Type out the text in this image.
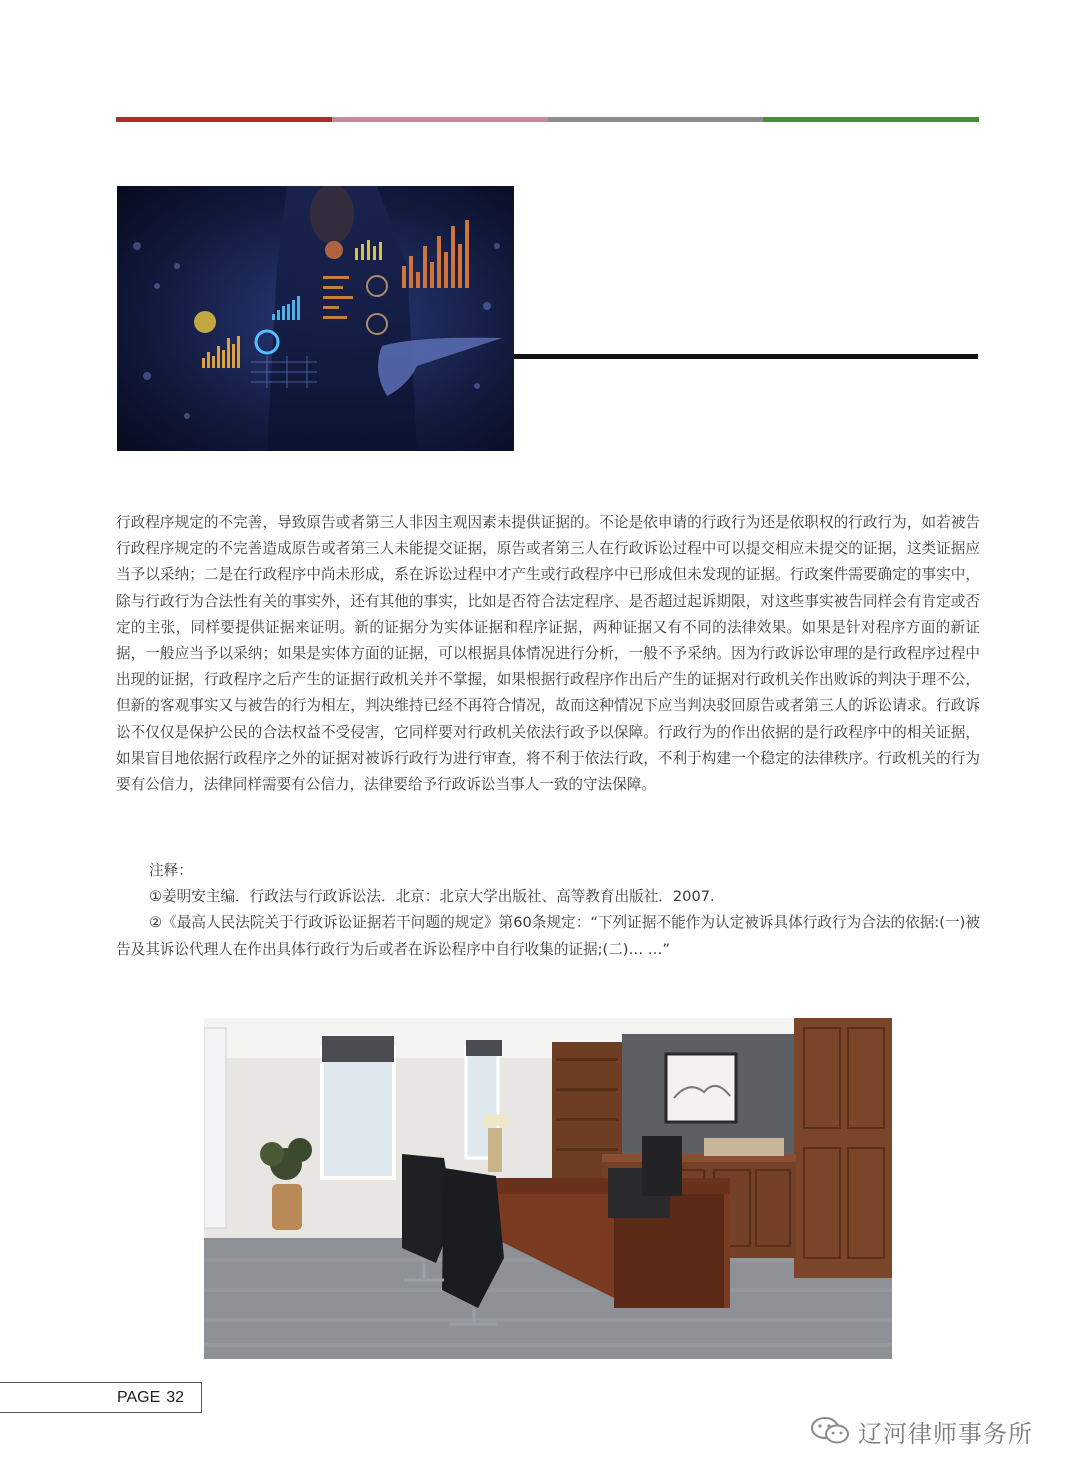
行政程序规定的不完善，导致原告或者第三人非因主观因素未提供证据的。不论是依申请的行政行为还是依职权的行政行为，如若被告行政程序规定的不完善造成原告或者第三人未能提交证据，原告或者第三人在行政诉讼过程中可以提交相应未提交的证据，这类证据应当予以采纳；二是在行政程序中尚未形成，系在诉讼过程中才产生或行政程序中已形成但未发现的证据。行政案件需要确定的事实中，除与行政行为合法性有关的事实外，还有其他的事实，比如是否符合法定程序、是否超过起诉期限，对这些事实被告同样会有肯定或否定的主张，同样要提供证据来证明。新的证据分为实体证据和程序证据，两种证据又有不同的法律效果。如果是针对程序方面的新证据，一般应当予以采纳；如果是实体方面的证据，可以根据具体情况进行分析，一般不予采纳。因为行政诉讼审理的是行政程序过程中出现的证据，行政程序之后产生的证据行政机关并不掌握，如果根据行政程序作出后产生的证据对行政机关作出败诉的判决于理不公，但新的客观事实又与被告的行为相左，判决维持已经不再符合情况，故而这种情况下应当判决驳回原告或者第三人的诉讼请求。行政诉讼不仅仅是保护公民的合法权益不受侵害，它同样要对行政机关依法行政予以保障。行政行为的作出依据的是行政程序中的相关证据，如果盲目地依据行政程序之外的证据对被诉行政行为进行审查，将不利于依法行政，不利于构建一个稳定的法律秩序。行政机关的行为要有公信力，法律同样需要有公信力，法律要给予行政诉讼当事人一致的守法保障。

注释：

①姜明安主编．行政法与行政诉讼法．北京：北京大学出版社、高等教育出版社．2007.

②《最高人民法院关于行政诉讼证据若干问题的规定》第60条规定：“下列证据不能作为认定被诉具体行政行为合法的依据:(一)被告及其诉讼代理人在作出具体行政行为后或者在诉讼程序中自行收集的证据;(二)… …”

PAGE 32
辽河律师事务所
